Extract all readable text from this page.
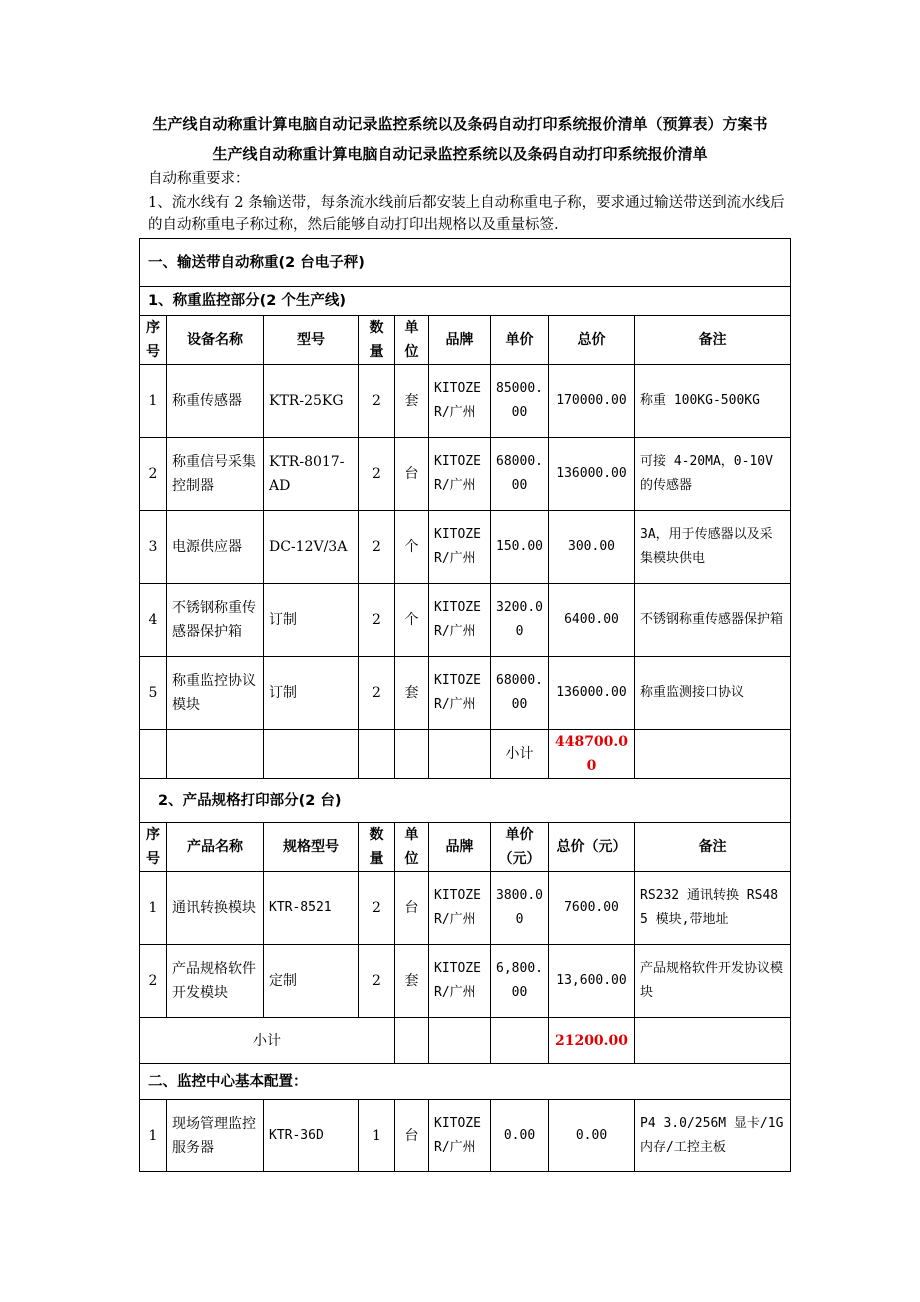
生产线自动称重计算电脑自动记录监控系统以及条码自动打印系统报价清单（预算表）方案书
生产线自动称重计算电脑自动记录监控系统以及条码自动打印系统报价清单
自动称重要求：
1、流水线有 2 条输送带，每条流水线前后都安装上自动称重电子称，要求通过输送带送到流水线后的自动称重电子称过称，然后能够自动打印出规格以及重量标签.
一、输送带自动称重(2 台电子秤)								
1、称重监控部分(2 个生产线)								
序号	设备名称	型号	数量	单位	品牌	单价	总价	备注
1	称重传感器	KTR-25KG	2	套	KITOZER/广州	85000.00	170000.00	称重 100KG-500KG
2	称重信号采集控制器	KTR-8017-AD	2	台	KITOZER/广州	68000.00	136000.00	可接 4-20MA，0-10V 的传感器
3	电源供应器	DC-12V/3A	2	个	KITOZER/广州	150.00	300.00	3A，用于传感器以及采集模块供电
4	不锈钢称重传感器保护箱	订制	2	个	KITOZER/广州	3200.00	6400.00	不锈钢称重传感器保护箱
5	称重监控协议模块	订制	2	套	KITOZER/广州	68000.00	136000.00	称重监测接口协议
						小计	448700.00	
2、产品规格打印部分(2 台)								
序号	产品名称	规格型号	数量	单位	品牌	单价（元）	总价（元）	备注
1	通讯转换模块	KTR-8521	2	台	KITOZER/广州	3800.00	7600.00	RS232 通讯转换 RS485 模块,带地址
2	产品规格软件开发模块	定制	2	套	KITOZER/广州	6,800.00	13,600.00	产品规格软件开发协议模块
小计							21200.00	
二、监控中心基本配置：								
1	现场管理监控服务器	KTR-36D	1	台	KITOZER/广州	0.00	0.00	P4 3.0/256M 显卡/1G 内存/工控主板
